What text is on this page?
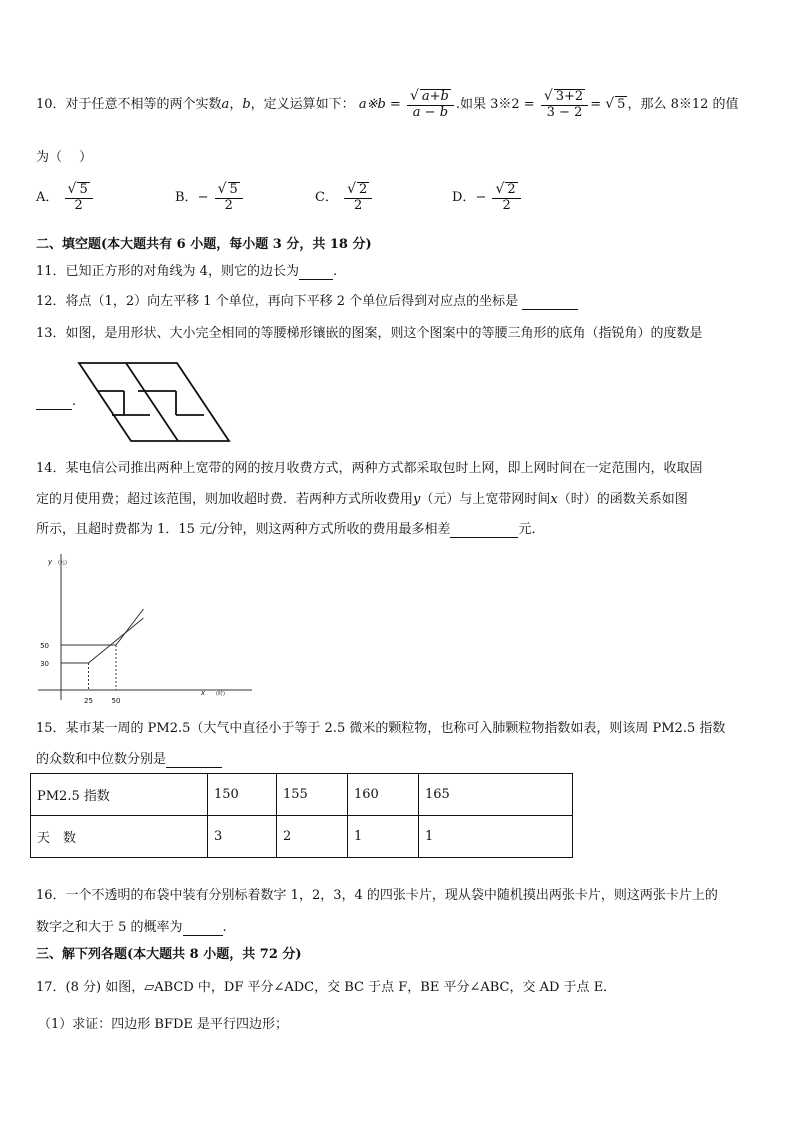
10．对于任意不相等的两个实数a，b，定义运算如下： a※b = $\frac{√ a+b}{a - b}$ .如果 3※2 = $\frac{√ 3+2}{3 - 2}$ = √ 5 ，那么 8※12 的值
为（　 ）
A． $\frac{√ 5}{2}$	B．− $\frac{√ 5}{2}$	C． $\frac{√ 2}{2}$	D．− $\frac{√ 2}{2}$
二、填空题(本大题共有 6 小题，每小题 3 分，共 18 分)
11．已知正方形的对角线为 4，则它的边长为	.
12．将点（1，2）向左平移 1 个单位，再向下平移 2 个单位后得到对应点的坐标是
13．如图，是用形状、大小完全相同的等腰梯形镶嵌的图案，则这个图案中的等腰三角形的底角（指锐角）的度数是
.
14．某电信公司推出两种上宽带的网的按月收费方式，两种方式都采取包时上网，即上网时间在一定范围内，收取固
定的月使用费；超过该范围，则加收超时费．若两种方式所收费用y（元）与上宽带网时间x（时）的函数关系如图
所示，且超时费都为 1．15 元/分钟，则这两种方式所收的费用最多相差	元．
25	50
30
50
y (元)
x (时)
15．某市某一周的 PM2.5（大气中直径小于等于 2.5 微米的颗粒物，也称可入肺颗粒物指数如表，则该周 PM2.5 指数
的众数和中位数分别是
PM2.5 指数	150	155	160	165
天　数	3	2	1	1
16．一个不透明的布袋中装有分别标着数字 1，2，3，4 的四张卡片，现从袋中随机摸出两张卡片，则这两张卡片上的
数字之和大于 5 的概率为	.
三、解下列各题(本大题共 8 小题，共 72 分)
17．(8 分) 如图，▱ABCD 中，DF 平分∠ADC，交 BC 于点 F，BE 平分∠ABC，交 AD 于点 E．
（1）求证：四边形 BFDE 是平行四边形；
